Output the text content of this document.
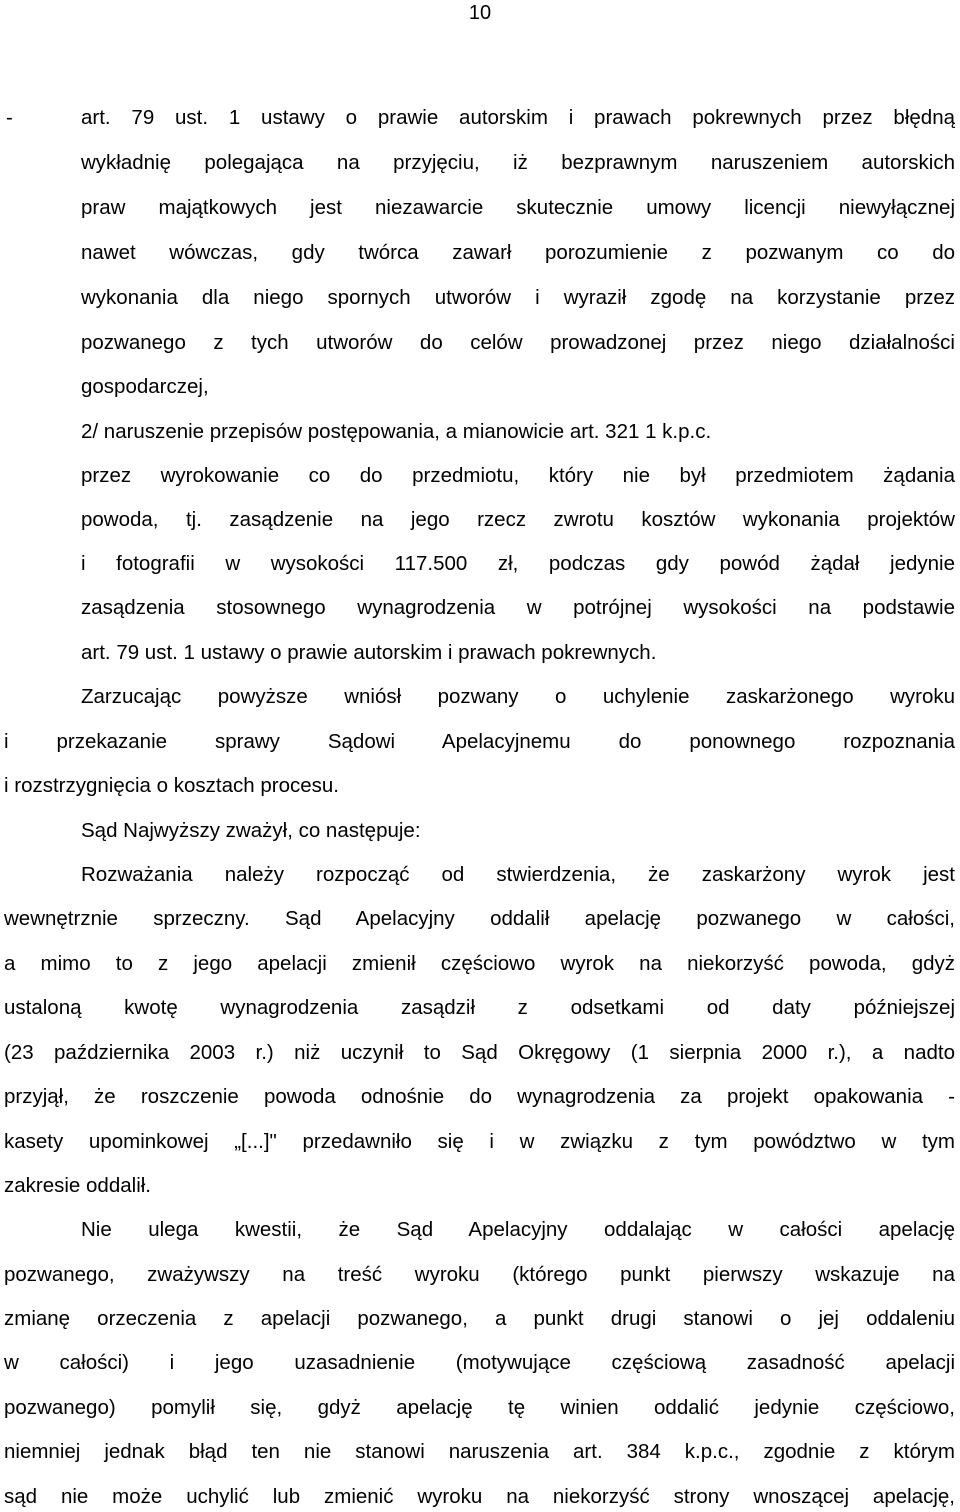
10
-	art. 79 ust. 1 ustawy o prawie autorskim i prawach pokrewnych przez błędną
wykładnię polegająca na przyjęciu, iż bezprawnym naruszeniem autorskich
praw majątkowych jest niezawarcie skutecznie umowy licencji niewyłącznej
nawet wówczas, gdy twórca zawarł porozumienie z pozwanym co do
wykonania dla niego spornych utworów i wyraził zgodę na korzystanie przez
pozwanego z tych utworów do celów prowadzonej przez niego działalności
gospodarczej,
2/ naruszenie przepisów postępowania, a mianowicie art. 321 1 k.p.c.
przez wyrokowanie co do przedmiotu, który nie był przedmiotem żądania
powoda, tj. zasądzenie na jego rzecz zwrotu kosztów wykonania projektów
i fotografii w wysokości 117.500 zł, podczas gdy powód żądał jedynie
zasądzenia stosownego wynagrodzenia w potrójnej wysokości na podstawie
art. 79 ust. 1 ustawy o prawie autorskim i prawach pokrewnych.
Zarzucając powyższe wniósł pozwany o uchylenie zaskarżonego wyroku
i przekazanie sprawy Sądowi Apelacyjnemu do ponownego rozpoznania
i rozstrzygnięcia o kosztach procesu.
Sąd Najwyższy zważył, co następuje:
Rozważania należy rozpocząć od stwierdzenia, że zaskarżony wyrok jest
wewnętrznie sprzeczny. Sąd Apelacyjny oddalił apelację pozwanego w całości,
a mimo to z jego apelacji zmienił częściowo wyrok na niekorzyść powoda, gdyż
ustaloną kwotę wynagrodzenia zasądził z odsetkami od daty późniejszej
(23 października 2003 r.) niż uczynił to Sąd Okręgowy (1 sierpnia 2000 r.), a nadto
przyjął, że roszczenie powoda odnośnie do wynagrodzenia za projekt opakowania -
kasety upominkowej „[...]" przedawniło się i w związku z tym powództwo w tym
zakresie oddalił.
Nie ulega kwestii, że Sąd Apelacyjny oddalając w całości apelację
pozwanego, zważywszy na treść wyroku (którego punkt pierwszy wskazuje na
zmianę orzeczenia z apelacji pozwanego, a punkt drugi stanowi o jej oddaleniu
w całości) i jego uzasadnienie (motywujące częściową zasadność apelacji
pozwanego) pomylił się, gdyż apelację tę winien oddalić jedynie częściowo,
niemniej jednak błąd ten nie stanowi naruszenia art. 384 k.p.c., zgodnie z którym
sąd nie może uchylić lub zmienić wyroku na niekorzyść strony wnoszącej apelację,
